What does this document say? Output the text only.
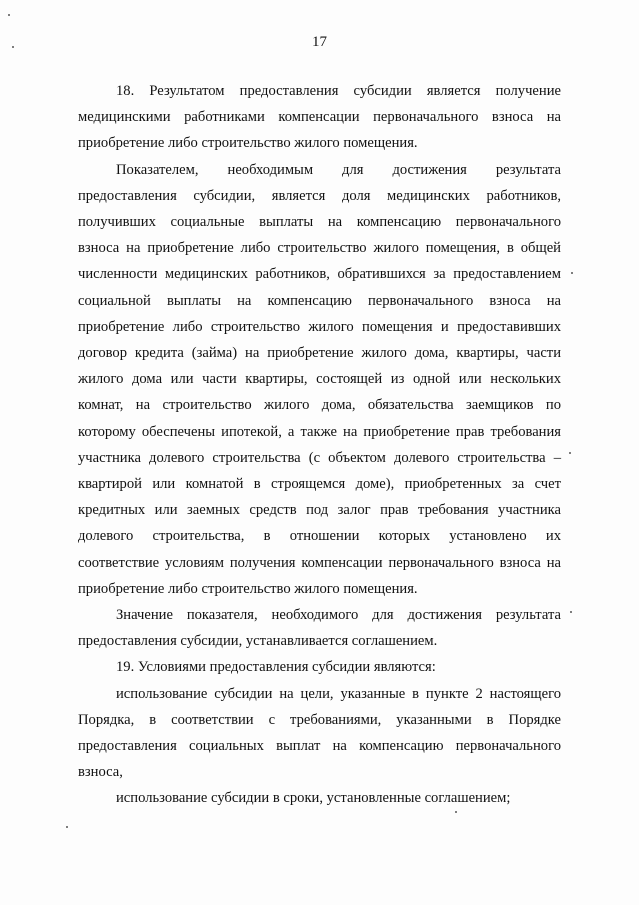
17
18. Результатом предоставления субсидии является получение
медицинскими работниками компенсации первоначального взноса на
приобретение либо строительство жилого помещения.
Показателем, необходимым для достижения результата
предоставления субсидии, является доля медицинских работников,
получивших социальные выплаты на компенсацию первоначального
взноса на приобретение либо строительство жилого помещения, в общей
численности медицинских работников, обратившихся за предоставлением
социальной выплаты на компенсацию первоначального взноса на
приобретение либо строительство жилого помещения и предоставивших
договор кредита (займа) на приобретение жилого дома, квартиры, части
жилого дома или части квартиры, состоящей из одной или нескольких
комнат, на строительство жилого дома, обязательства заемщиков по
которому обеспечены ипотекой, а также на приобретение прав требования
участника долевого строительства (с объектом долевого строительства –
квартирой или комнатой в строящемся доме), приобретенных за счет
кредитных или заемных средств под залог прав требования участника
долевого строительства, в отношении которых установлено их
соответствие условиям получения компенсации первоначального взноса на
приобретение либо строительство жилого помещения.
Значение показателя, необходимого для достижения результата
предоставления субсидии, устанавливается соглашением.
19. Условиями предоставления субсидии являются:
использование субсидии на цели, указанные в пункте 2 настоящего
Порядка, в соответствии с требованиями, указанными в Порядке
предоставления социальных выплат на компенсацию первоначального
взноса,
использование субсидии в сроки, установленные соглашением;
